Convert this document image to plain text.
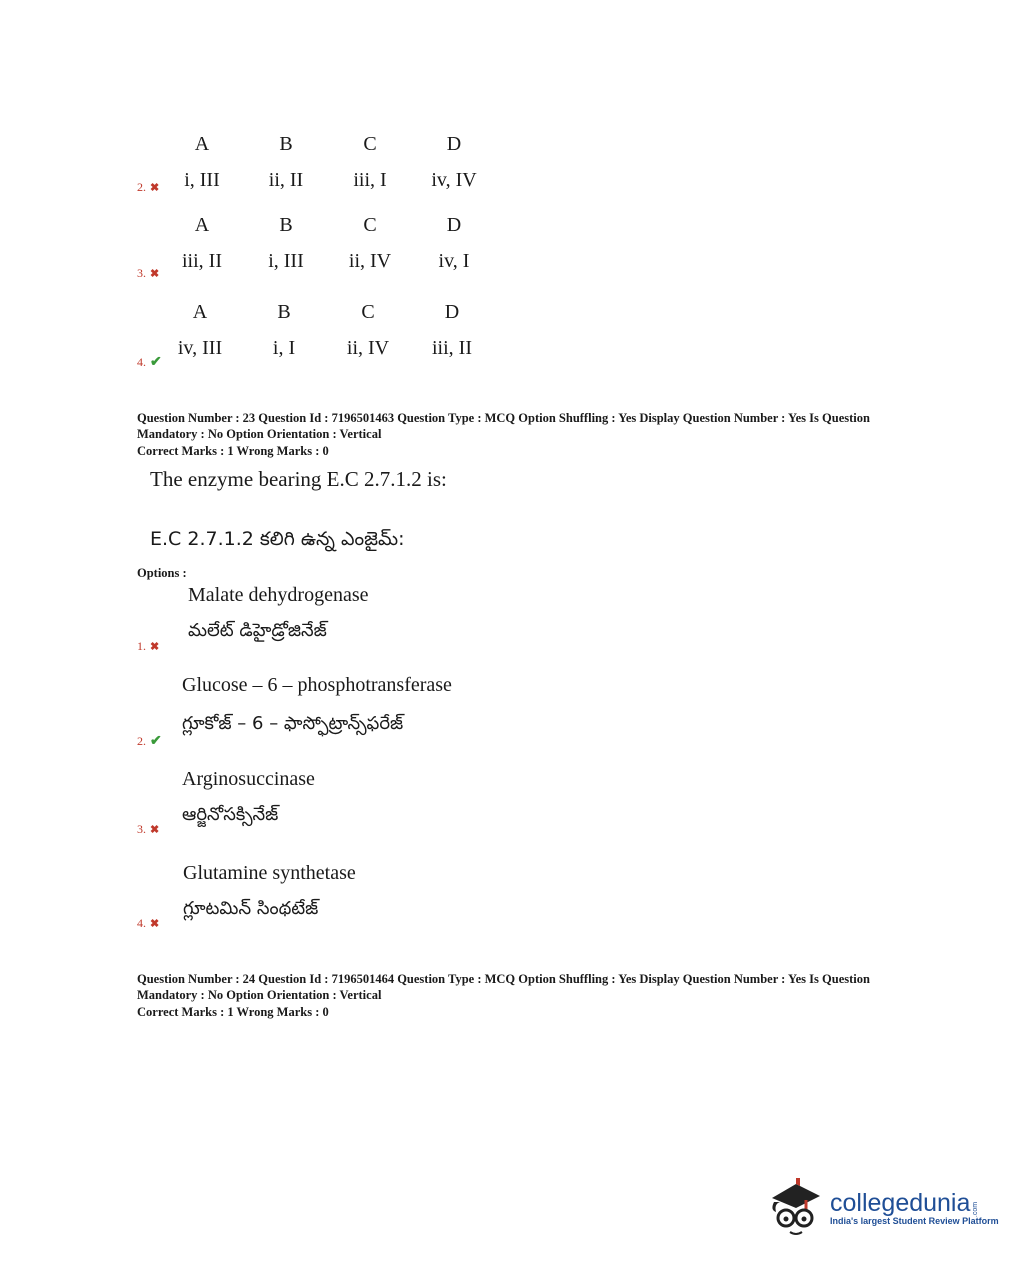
A	B	C	D
i, III	ii, II	iii, I	iv, IV
2. ✖
A	B	C	D
iii, II	i, III	ii, IV	iv, I
3. ✖
A	B	C	D
iv, III	i, I	ii, IV	iii, II
4. ✔
Question Number : 23 Question Id : 7196501463 Question Type : MCQ Option Shuffling : Yes Display Question Number : Yes Is Question Mandatory : No Option Orientation : Vertical
Correct Marks : 1 Wrong Marks : 0
The enzyme bearing E.C 2.7.1.2 is:
E.C 2.7.1.2 కలిగి ఉన్న ఎంజైమ్:
Options :
Malate dehydrogenase
మలేట్ డిహైడ్రోజినేజ్
1. ✖
Glucose – 6 – phosphotransferase
గ్లూకోజ్ – 6 – ఫాస్ఫోట్రాన్స్‌ఫరేజ్
2. ✔
Arginosuccinase
ఆర్జినోసక్సినేజ్
3. ✖
Glutamine synthetase
గ్లూటమిన్ సింథటేజ్
4. ✖
Question Number : 24 Question Id : 7196501464 Question Type : MCQ Option Shuffling : Yes Display Question Number : Yes Is Question Mandatory : No Option Orientation : Vertical
Correct Marks : 1 Wrong Marks : 0
collegedunia .com
India's largest Student Review Platform
